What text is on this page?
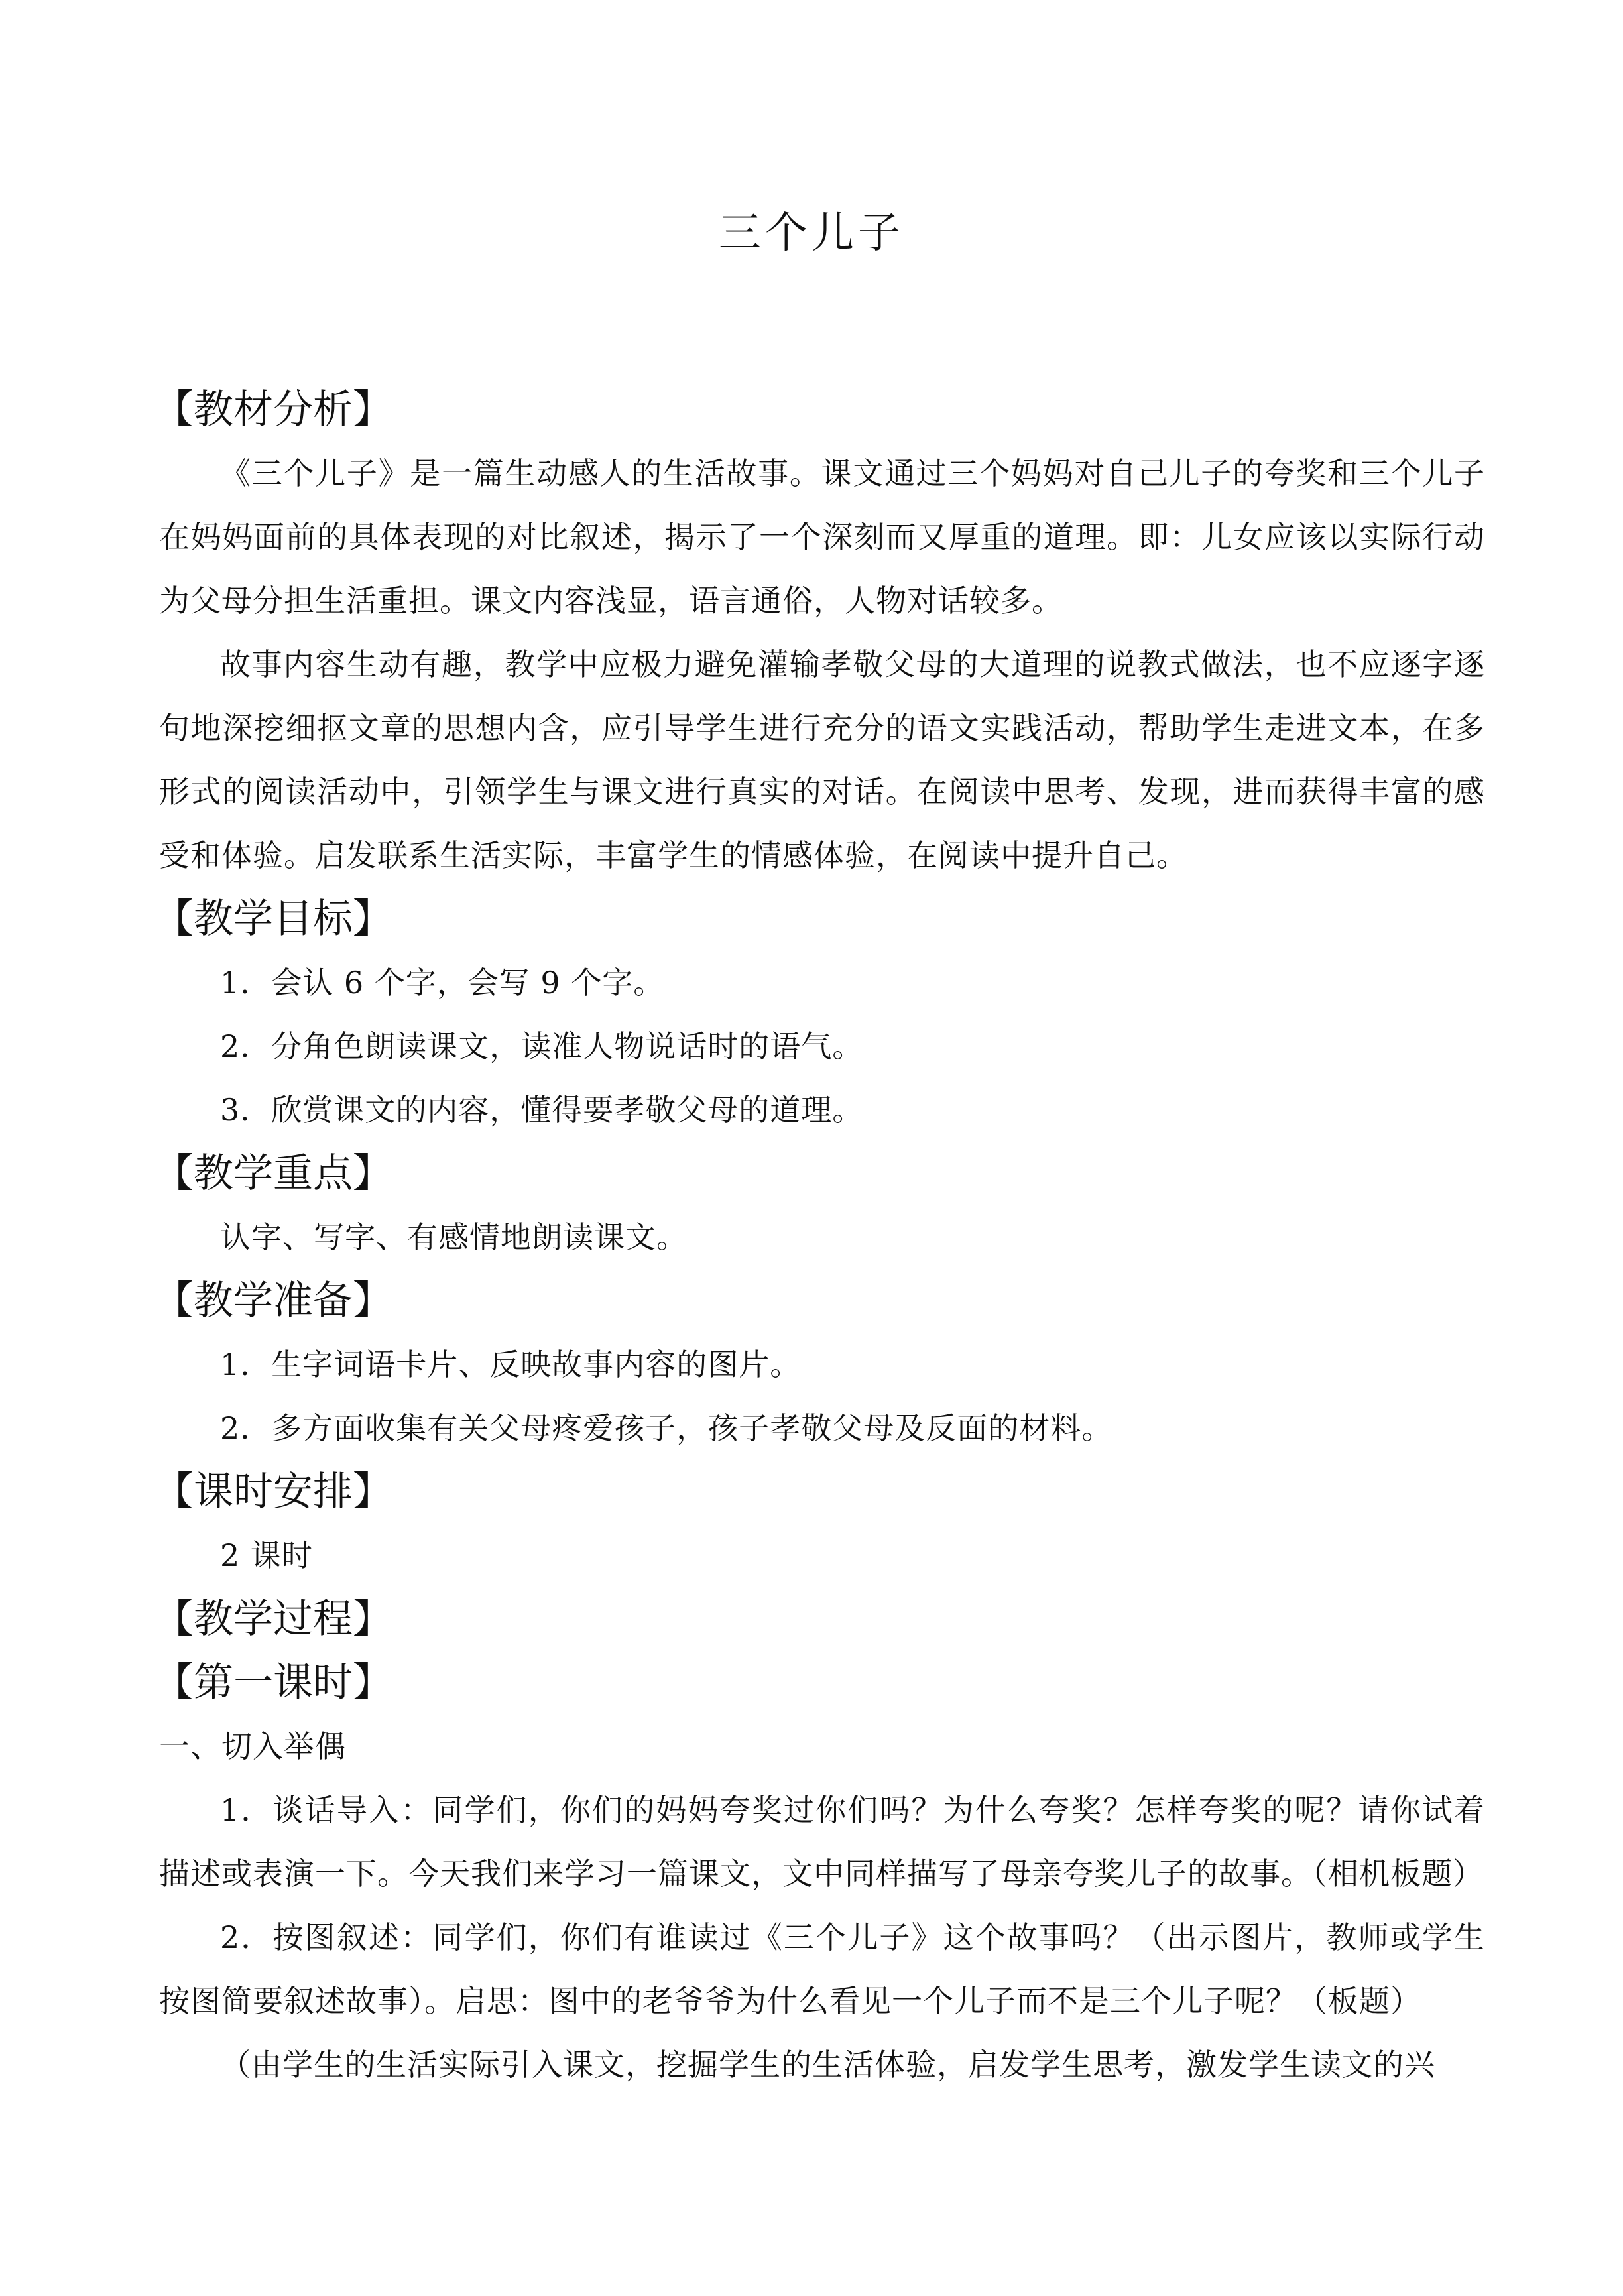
三个儿子
【教材分析】

《三个儿子》是一篇生动感人的生活故事。课文通过三个妈妈对自己儿子的夸奖和三个儿子在妈妈面前的具体表现的对比叙述，揭示了一个深刻而又厚重的道理。即：儿女应该以实际行动为父母分担生活重担。课文内容浅显，语言通俗，人物对话较多。

故事内容生动有趣，教学中应极力避免灌输孝敬父母的大道理的说教式做法，也不应逐字逐句地深挖细抠文章的思想内含，应引导学生进行充分的语文实践活动，帮助学生走进文本，在多形式的阅读活动中，引领学生与课文进行真实的对话。在阅读中思考、发现，进而获得丰富的感受和体验。启发联系生活实际，丰富学生的情感体验，在阅读中提升自己。

【教学目标】
1．会认 6 个字，会写 9 个字。
2．分角色朗读课文，读准人物说话时的语气。
3．欣赏课文的内容，懂得要孝敬父母的道理。
【教学重点】
认字、写字、有感情地朗读课文。
【教学准备】
1．生字词语卡片、反映故事内容的图片。
2．多方面收集有关父母疼爱孩子，孩子孝敬父母及反面的材料。
【课时安排】
2 课时
【教学过程】
【第一课时】
一、切入举偶

1．谈话导入：同学们，你们的妈妈夸奖过你们吗？为什么夸奖？怎样夸奖的呢？请你试着描述或表演一下。今天我们来学习一篇课文，文中同样描写了母亲夸奖儿子的故事。（相机板题）

2．按图叙述：同学们，你们有谁读过《三个儿子》这个故事吗？（出示图片，教师或学生按图简要叙述故事）。启思：图中的老爷爷为什么看见一个儿子而不是三个儿子呢？（板题）

（由学生的生活实际引入课文，挖掘学生的生活体验，启发学生思考，激发学生读文的兴
